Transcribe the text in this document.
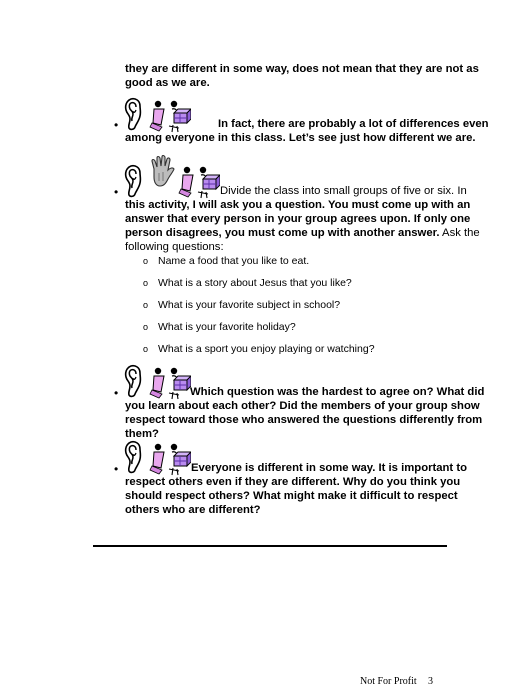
they are different in some way, does not mean that they are not as
good as we are.
•	In fact, there are probably a lot of differences even
among everyone in this class. Let’s see just how different we are.
•	Divide the class into small groups of five or six. In
this activity, I will ask you a question. You must come up with an
answer that every person in your group agrees upon. If only one
person disagrees, you must come up with another answer. Ask the
following questions:
o Name a food that you like to eat.
o What is a story about Jesus that you like?
o What is your favorite subject in school?
o What is your favorite holiday?
o What is a sport you enjoy playing or watching?
•	Which question was the hardest to agree on? What did
you learn about each other? Did the members of your group show
respect toward those who answered the questions differently from
them?
•	Everyone is different in some way. It is important to
respect others even if they are different. Why do you think you
should respect others? What might make it difficult to respect
others who are different?
Not For Profit 3
